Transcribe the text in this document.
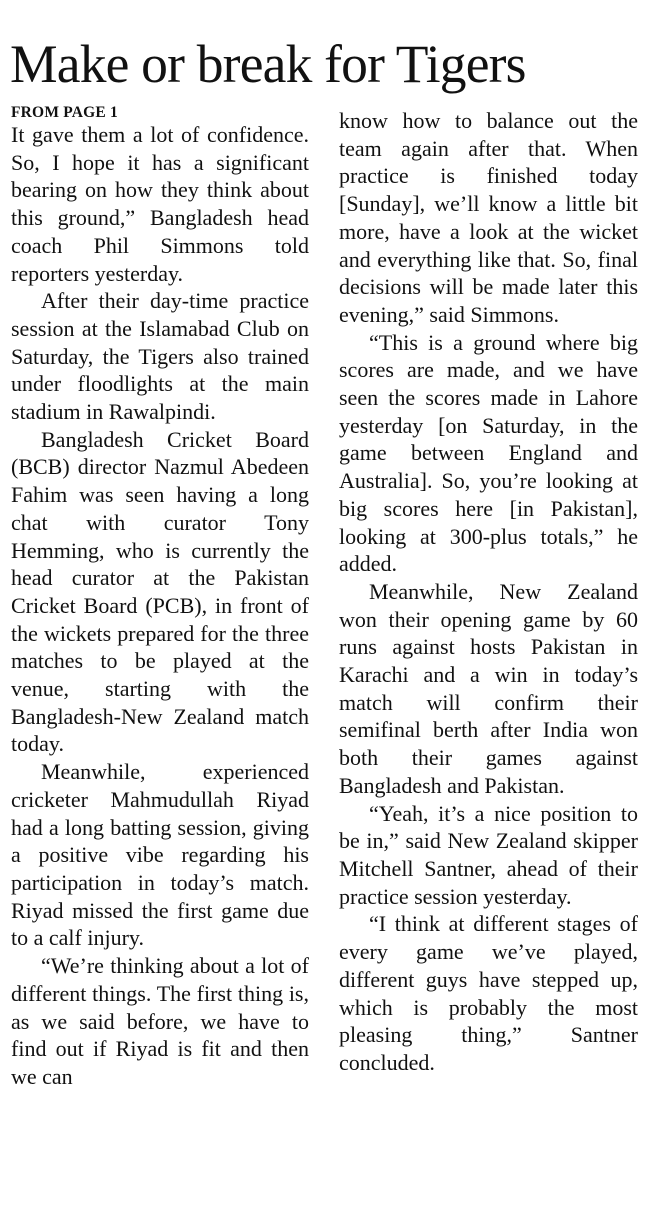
Make or break for Tigers

FROM PAGE 1

It gave them a lot of confidence. So, I hope it has a significant bearing on how they think about this ground,” Bangladesh head coach Phil Simmons told reporters yesterday.

After their day-time practice session at the Islamabad Club on Saturday, the Tigers also trained under floodlights at the main stadium in Rawalpindi.

Bangladesh Cricket Board (BCB) director Nazmul Abedeen Fahim was seen having a long chat with curator Tony Hemming, who is currently the head curator at the Pakistan Cricket Board (PCB), in front of the wickets prepared for the three matches to be played at the venue, starting with the Bangladesh-New Zealand match today.

Meanwhile, experienced cricketer Mahmudullah Riyad had a long batting session, giving a positive vibe regarding his participation in today’s match. Riyad missed the first game due to a calf injury.

“We’re thinking about a lot of different things. The first thing is, as we said before, we have to find out if Riyad is fit and then we can

know how to balance out the team again after that. When practice is finished today [Sunday], we’ll know a little bit more, have a look at the wicket and everything like that. So, final decisions will be made later this evening,” said Simmons.

“This is a ground where big scores are made, and we have seen the scores made in Lahore yesterday [on Saturday, in the game between England and Australia]. So, you’re looking at big scores here [in Pakistan], looking at 300-plus totals,” he added.

Meanwhile, New Zealand won their opening game by 60 runs against hosts Pakistan in Karachi and a win in today’s match will confirm their semifinal berth after India won both their games against Bangladesh and Pakistan.

“Yeah, it’s a nice position to be in,” said New Zealand skipper Mitchell Santner, ahead of their practice session yesterday.

“I think at different stages of every game we’ve played, different guys have stepped up, which is probably the most pleasing thing,” Santner concluded.
